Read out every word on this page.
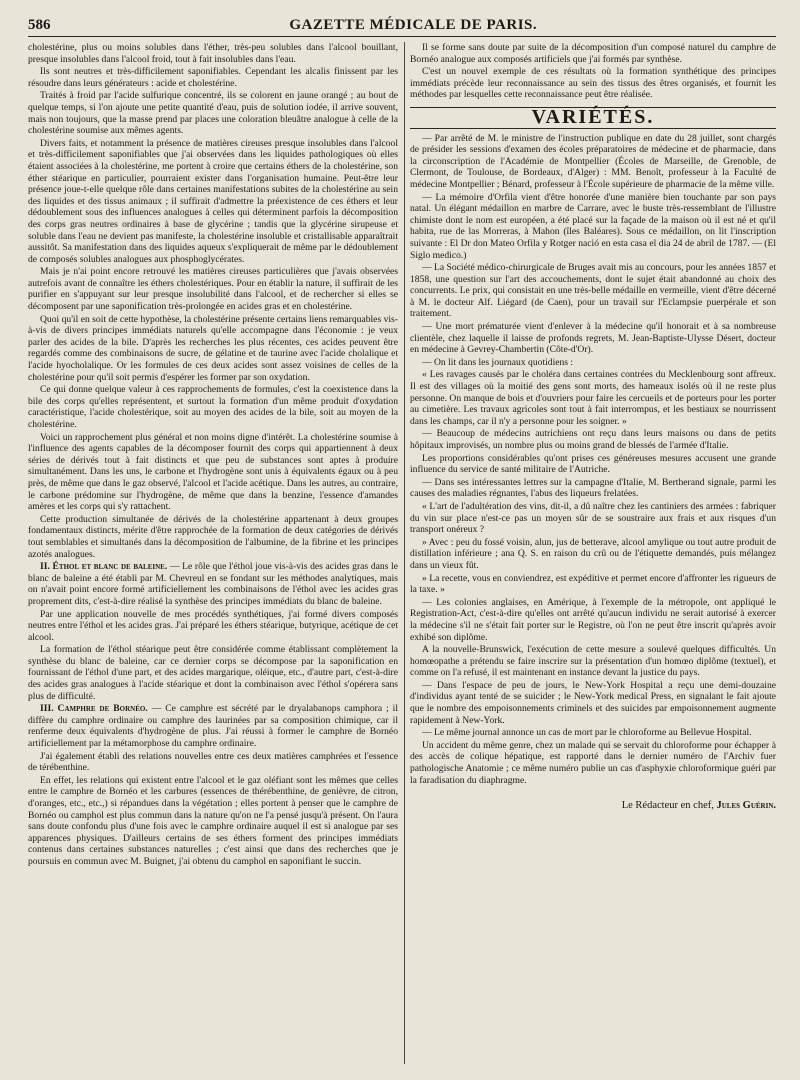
586	GAZETTE MÉDICALE DE PARIS.

cholestérine, plus ou moins solubles dans l'éther, très-peu solubles dans l'alcool bouillant, presque insolubles dans l'alcool froid, tout à fait insolubles dans l'eau.

Ils sont neutres et très-difficilement saponifiables. Cependant les alcalis finissent par les résoudre dans leurs générateurs : acide et cholestérine.

Traités à froid par l'acide sulfurique concentré, ils se colorent en jaune orangé ; au bout de quelque temps, si l'on ajoute une petite quantité d'eau, puis de solution iodée, il arrive souvent, mais non toujours, que la masse prend par places une coloration bleuâtre analogue à celle de la cholestérine soumise aux mêmes agents.

Divers faits, et notamment la présence de matières cireuses presque insolubles dans l'alcool et très-difficilement saponifiables que j'ai observées dans les liquides pathologiques où elles étaient associées à la cholestérine, me portent à croire que certains éthers de la cholestérine, son éther stéarique en particulier, pourraient exister dans l'organisation humaine. Peut-être leur présence joue-t-elle quelque rôle dans certaines manifestations subites de la cholestérine au sein des liquides et des tissus animaux ; il suffirait d'admettre la préexistence de ces éthers et leur dédoublement sous des influences analogues à celles qui déterminent parfois la décomposition des corps gras neutres ordinaires à base de glycérine ; tandis que la glycérine sirupeuse et soluble dans l'eau ne devient pas manifeste, la cholestérine insoluble et cristallisable apparaîtrait aussitôt. Sa manifestation dans des liquides aqueux s'expliquerait de même par le dédoublement de composés solubles analogues aux phosphoglycérates.

Mais je n'ai point encore retrouvé les matières cireuses particulières que j'avais observées autrefois avant de connaître les éthers cholestériques. Pour en établir la nature, il suffirait de les purifier en s'appuyant sur leur presque insolubilité dans l'alcool, et de rechercher si elles se décomposent par une saponification très-prolongée en acides gras et en cholestérine.

Quoi qu'il en soit de cette hypothèse, la cholestérine présente certains liens remarquables vis-à-vis de divers principes immédiats naturels qu'elle accompagne dans l'économie : je veux parler des acides de la bile. D'après les recherches les plus récentes, ces acides peuvent être regardés comme des combinaisons de sucre, de gélatine et de taurine avec l'acide cholalique et l'acide hyocholalique. Or les formules de ces deux acides sont assez voisines de celles de la cholestérine pour qu'il soit permis d'espérer les former par son oxydation.

Ce qui donne quelque valeur à ces rapprochements de formules, c'est la coexistence dans la bile des corps qu'elles représentent, et surtout la formation d'un même produit d'oxydation caractéristique, l'acide cholestérique, soit au moyen des acides de la bile, soit au moyen de la cholestérine.

Voici un rapprochement plus général et non moins digne d'intérêt. La cholestérine soumise à l'influence des agents capables de la décomposer fournit des corps qui appartiennent à deux séries de dérivés tout à fait distincts et que peu de substances sont aptes à produire simultanément. Dans les uns, le carbone et l'hydrogène sont unis à équivalents égaux ou à peu près, de même que dans le gaz observé, l'alcool et l'acide acétique. Dans les autres, au contraire, le carbone prédomine sur l'hydrogène, de même que dans la benzine, l'essence d'amandes amères et les corps qui s'y rattachent.

Cette production simultanée de dérivés de la cholestérine appartenant à deux groupes fondamentaux distincts, mérite d'être rapprochée de la formation de deux catégories de dérivés tout semblables et simultanés dans la décomposition de l'albumine, de la fibrine et les principes azotés analogues.

II. Éthol et blanc de baleine. — Le rôle que l'éthol joue vis-à-vis des acides gras dans le blanc de baleine a été établi par M. Chevreul en se fondant sur les méthodes analytiques, mais on n'avait point encore formé artificiellement les combinaisons de l'éthol avec les acides gras proprement dits, c'est-à-dire réalisé la synthèse des principes immédiats du blanc de baleine.

Par une application nouvelle de mes procédés synthétiques, j'ai formé divers composés neutres entre l'éthol et les acides gras. J'ai préparé les éthers stéarique, butyrique, acétique de cet alcool.

La formation de l'éthol stéarique peut être considérée comme établissant complètement la synthèse du blanc de baleine, car ce dernier corps se décompose par la saponification en fournissant de l'éthol d'une part, et des acides margarique, oléique, etc., d'autre part, c'est-à-dire des acides gras analogues à l'acide stéarique et dont la combinaison avec l'éthol s'opérera sans plus de difficulté.

III. Camphre de Bornéo. — Ce camphre est sécrété par le dryalabanops camphora ; il diffère du camphre ordinaire ou camphre des laurinées par sa composition chimique, car il renferme deux équivalents d'hydrogène de plus. J'ai réussi à former le camphre de Bornéo artificiellement par la métamorphose du camphre ordinaire.

J'ai également établi des relations nouvelles entre ces deux matières camphrées et l'essence de térébenthine.

En effet, les relations qui existent entre l'alcool et le gaz oléfiant sont les mêmes que celles entre le camphre de Bornéo et les carbures (essences de thérébenthine, de genièvre, de citron, d'oranges, etc., etc.,) si répandues dans la végétation ; elles portent à penser que le camphre de Bornéo ou camphol est plus commun dans la nature qu'on ne l'a pensé jusqu'à présent. On l'aura sans doute confondu plus d'une fois avec le camphre ordinaire auquel il est si analogue par ses apparences physiques. D'ailleurs certains de ses éthers forment des principes immédiats contenus dans certaines substances naturelles ; c'est ainsi que dans des recherches que je poursuis en commun avec M. Buignet, j'ai obtenu du camphol en saponifiant le succin.

Il se forme sans doute par suite de la décomposition d'un composé naturel du camphre de Bornéo analogue aux composés artificiels que j'ai formés par synthèse.

C'est un nouvel exemple de ces résultats où la formation synthétique des principes immédiats précède leur reconnaissance au sein des tissus des êtres organisés, et fournit les méthodes par lesquelles cette reconnaissance peut être réalisée.

VARIÉTÉS.

— Par arrêté de M. le ministre de l'instruction publique en date du 28 juillet, sont chargés de présider les sessions d'examen des écoles préparatoires de médecine et de pharmacie, dans la circonscription de l'Académie de Montpellier (Écoles de Marseille, de Grenoble, de Clermont, de Toulouse, de Bordeaux, d'Alger) : MM. Benoît, professeur à la Faculté de médecine Montpellier ; Bénard, professeur à l'École supérieure de pharmacie de la même ville.

— La mémoire d'Orfila vient d'être honorée d'une manière bien touchante par son pays natal. Un élégant médaillon en marbre de Carrare, avec le buste très-ressemblant de l'illustre chimiste dont le nom est européen, a été placé sur la façade de la maison où il est né et qu'il habita, rue de las Morreras, à Mahon (îles Baléares). Sous ce médaillon, on lit l'inscription suivante : El Dr don Mateo Orfila y Rotger nació en esta casa el dia 24 de abril de 1787. — (El Siglo medico.)

— La Société médico-chirurgicale de Bruges avait mis au concours, pour les années 1857 et 1858, une question sur l'art des accouchements, dont le sujet était abandonné au choix des concurrents. Le prix, qui consistait en une très-belle médaille en vermeille, vient d'être décerné à M. le docteur Alf. Liégard (de Caen), pour un travail sur l'Eclampsie puerpérale et son traitement.

— Une mort prématurée vient d'enlever à la médecine qu'il honorait et à sa nombreuse clientèle, chez laquelle il laisse de profonds regrets, M. Jean-Baptiste-Ulysse Désert, docteur en médecine à Gevrey-Chambertin (Côte-d'Or).

— On lit dans les journaux quotidiens :

« Les ravages causés par le choléra dans certaines contrées du Mecklenbourg sont affreux. Il est des villages où la moitié des gens sont morts, des hameaux isolés où il ne reste plus personne. On manque de bois et d'ouvriers pour faire les cercueils et de porteurs pour les porter au cimetière. Les travaux agricoles sont tout à fait interrompus, et les bestiaux se nourrissent dans les champs, car il n'y a personne pour les soigner. »

— Beaucoup de médecins autrichiens ont reçu dans leurs maisons ou dans de petits hôpitaux improvisés, un nombre plus ou moins grand de blessés de l'armée d'Italie.

Les proportions considérables qu'ont prises ces généreuses mesures accusent une grande influence du service de santé militaire de l'Autriche.

— Dans ses intéressantes lettres sur la campagne d'Italie, M. Bertherand signale, parmi les causes des maladies régnantes, l'abus des liqueurs frelatées.

« L'art de l'adultération des vins, dit-il, a dû naître chez les cantiniers des armées : fabriquer du vin sur place n'est-ce pas un moyen sûr de se soustraire aux frais et aux risques d'un transport onéreux ?

» Avec : peu du fossé voisin, alun, jus de betterave, alcool amylique ou tout autre produit de distillation inférieure ; ana Q. S. en raison du crû ou de l'étiquette demandés, puis mélangez dans un vieux fût.

» La recette, vous en conviendrez, est expéditive et permet encore d'affronter les rigueurs de la taxe. »

— Les colonies anglaises, en Amérique, à l'exemple de la métropole, ont appliqué le Registration-Act, c'est-à-dire qu'elles ont arrêté qu'aucun individu ne serait autorisé à exercer la médecine s'il ne s'était fait porter sur le Registre, où l'on ne peut être inscrit qu'après avoir exhibé son diplôme.

A la nouvelle-Brunswick, l'exécution de cette mesure a soulevé quelques difficultés. Un homœopathe a prétendu se faire inscrire sur la présentation d'un homœo diplôme (textuel), et comme on l'a refusé, il est maintenant en instance devant la justice du pays.

— Dans l'espace de peu de jours, le New-York Hospital a reçu une demi-douzaine d'individus ayant tenté de se suicider ; le New-York medical Press, en signalant le fait ajoute que le nombre des empoisonnements criminels et des suicides par empoisonnement augmente rapidement à New-York.

— Le même journal annonce un cas de mort par le chloroforme au Bellevue Hospital.

Un accident du même genre, chez un malade qui se servait du chloroforme pour échapper à des accès de colique hépatique, est rapporté dans le dernier numéro de l'Archiv fuer pathologische Anatomie ; ce même numéro publie un cas d'asphyxie chloroformique guéri par la faradisation du diaphragme.

Le Rédacteur en chef, Jules Guérin.
